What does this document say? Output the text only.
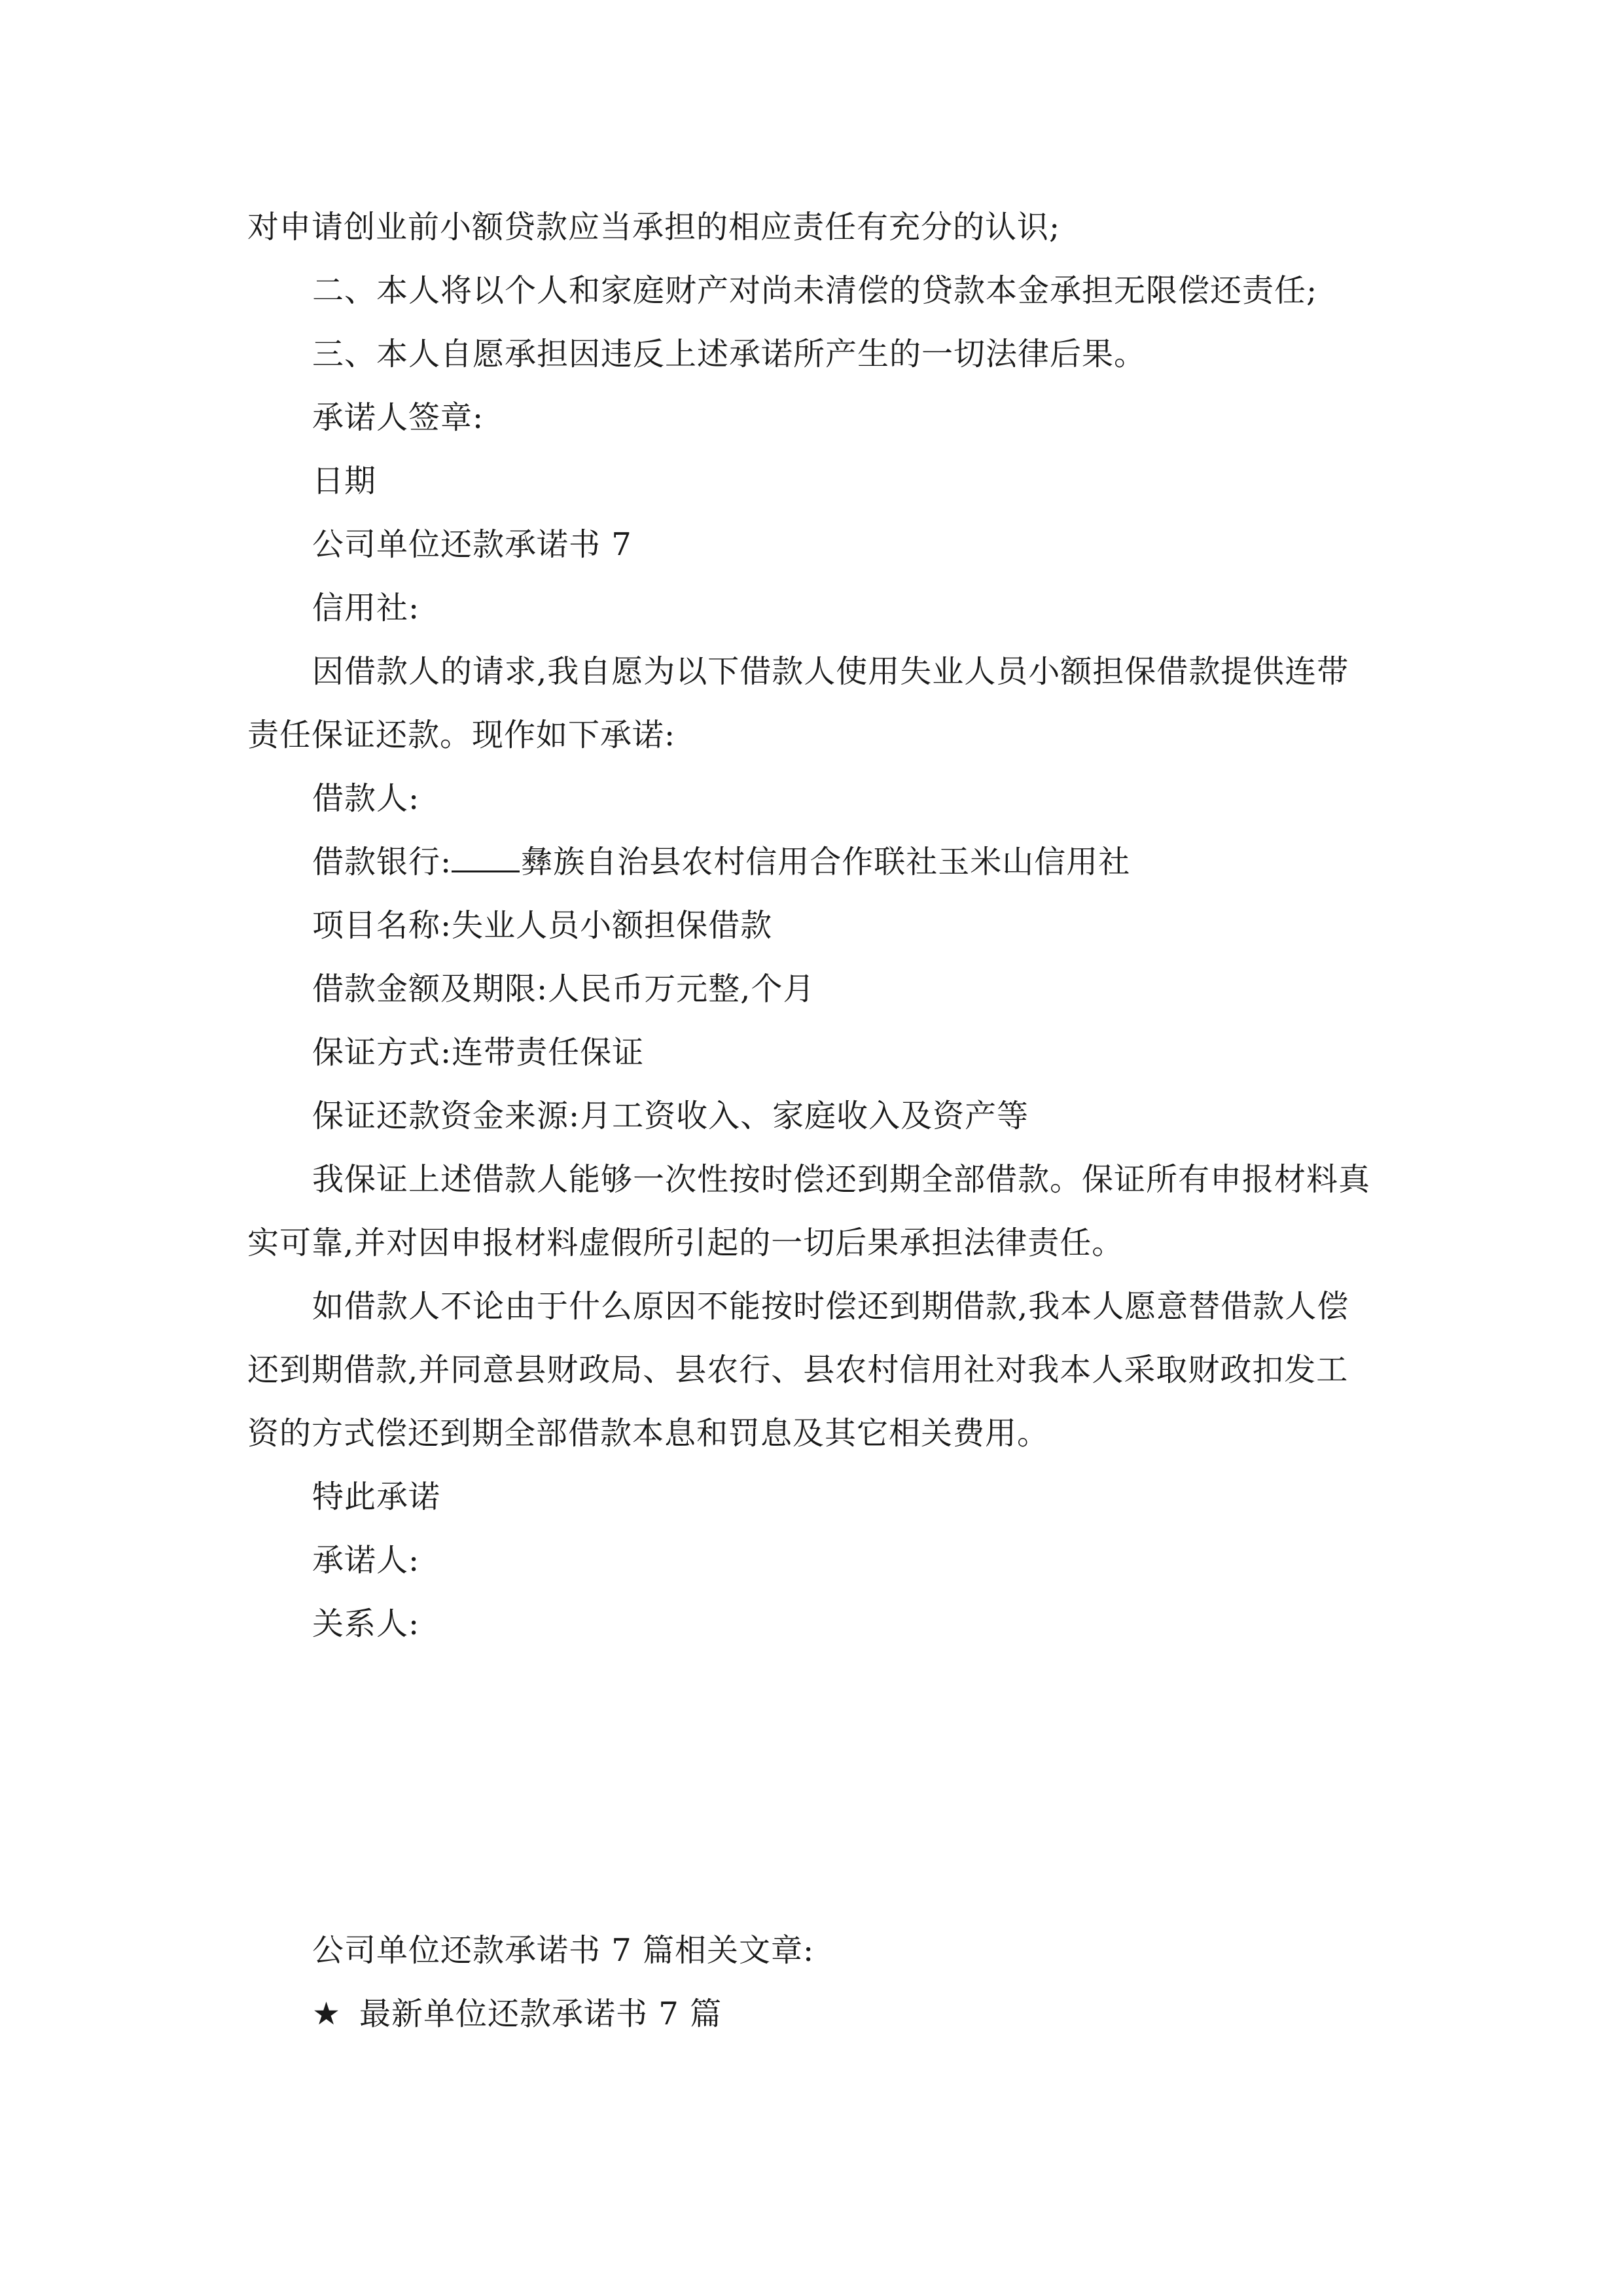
对申请创业前小额贷款应当承担的相应责任有充分的认识;
二、本人将以个人和家庭财产对尚未清偿的贷款本金承担无限偿还责任;
三、本人自愿承担因违反上述承诺所产生的一切法律后果。
承诺人签章:
日期
公司单位还款承诺书 7
信用社:
因借款人的请求,我自愿为以下借款人使用失业人员小额担保借款提供连带
责任保证还款。现作如下承诺:
借款人:
借款银行: 彝族自治县农村信用合作联社玉米山信用社
项目名称:失业人员小额担保借款
借款金额及期限:人民币万元整,个月
保证方式:连带责任保证
保证还款资金来源:月工资收入、家庭收入及资产等
我保证上述借款人能够一次性按时偿还到期全部借款。保证所有申报材料真
实可靠,并对因申报材料虚假所引起的一切后果承担法律责任。
如借款人不论由于什么原因不能按时偿还到期借款,我本人愿意替借款人偿
还到期借款,并同意县财政局、县农行、县农村信用社对我本人采取财政扣发工
资的方式偿还到期全部借款本息和罚息及其它相关费用。
特此承诺
承诺人:
关系人:
公司单位还款承诺书 7 篇相关文章:
★ 最新单位还款承诺书 7 篇
